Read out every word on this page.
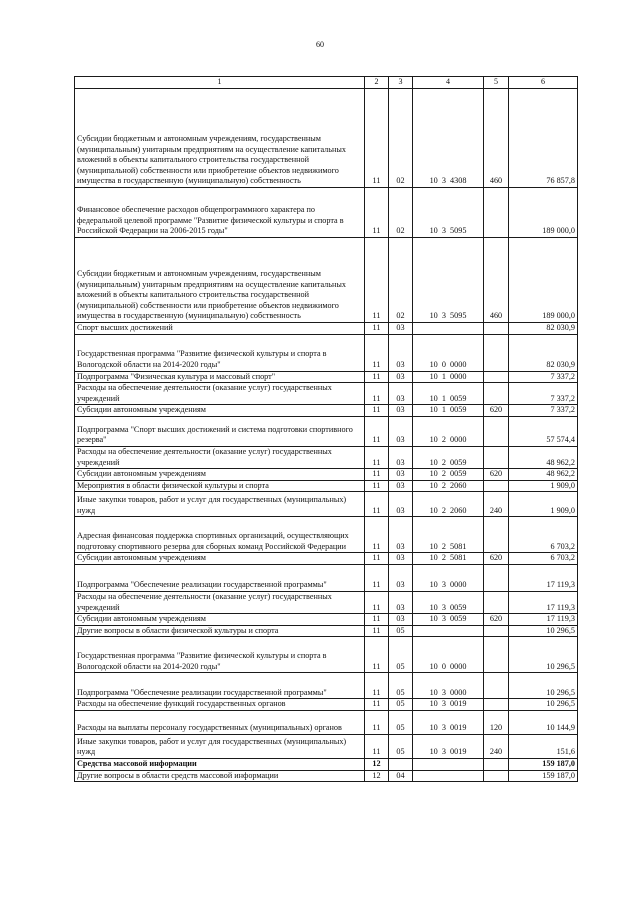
60
1	2	3	4	5	6
Субсидии бюджетным и автономным учреждениям, государственным (муниципальным) унитарным предприятиям на осуществление капитальных вложений в объекты капитального строительства государственной (муниципальной) собственности или приобретение объектов недвижимого имущества в государственную (муниципальную) собственность	11	02	10  3  4308	460	76 857,8
Финансовое обеспечение расходов общепрограммного характера по федеральной целевой программе "Развитие физической культуры и спорта в Российской Федерации на 2006-2015 годы"	11	02	10  3  5095		189 000,0
Субсидии бюджетным и автономным учреждениям, государственным (муниципальным) унитарным предприятиям на осуществление капитальных вложений в объекты капитального строительства государственной (муниципальной) собственности или приобретение объектов недвижимого имущества в государственную (муниципальную) собственность	11	02	10  3  5095	460	189 000,0
Спорт высших достижений	11	03			82 030,9
Государственная программа "Развитие физической культуры и спорта в Вологодской области на 2014-2020 годы"	11	03	10  0  0000		82 030,9
Подпрограмма "Физическая культура и массовый спорт"	11	03	10  1  0000		7 337,2
Расходы на обеспечение деятельности (оказание услуг) государственных учреждений	11	03	10  1  0059		7 337,2
Субсидии автономным учреждениям	11	03	10  1  0059	620	7 337,2
Подпрограмма "Спорт высших достижений и система подготовки спортивного резерва"	11	03	10  2  0000		57 574,4
Расходы на обеспечение деятельности (оказание услуг) государственных учреждений	11	03	10  2  0059		48 962,2
Субсидии автономным учреждениям	11	03	10  2  0059	620	48 962,2
Мероприятия в области физической культуры и спорта	11	03	10  2  2060		1 909,0
Иные закупки товаров, работ и услуг для государственных (муниципальных) нужд	11	03	10  2  2060	240	1 909,0
Адресная финансовая поддержка спортивных организаций, осуществляющих подготовку спортивного резерва для сборных команд Российской Федерации	11	03	10  2  5081		6 703,2
Субсидии автономным учреждениям	11	03	10  2  5081	620	6 703,2
Подпрограмма "Обеспечение реализации государственной программы"	11	03	10  3  0000		17 119,3
Расходы на обеспечение деятельности (оказание услуг) государственных учреждений	11	03	10  3  0059		17 119,3
Субсидии автономным учреждениям	11	03	10  3  0059	620	17 119,3
Другие вопросы в области физической культуры и спорта	11	05			10 296,5
Государственная программа "Развитие физической культуры и спорта в Вологодской области на 2014-2020 годы"	11	05	10  0  0000		10 296,5
Подпрограмма "Обеспечение реализации государственной программы"	11	05	10  3  0000		10 296,5
Расходы на обеспечение функций государственных органов	11	05	10  3  0019		10 296,5
Расходы на выплаты персоналу государственных (муниципальных) органов	11	05	10  3  0019	120	10 144,9
Иные закупки товаров, работ и услуг для государственных (муниципальных) нужд	11	05	10  3  0019	240	151,6
Средства массовой информации	12				159 187,0
Другие вопросы в области средств массовой информации	12	04			159 187,0
